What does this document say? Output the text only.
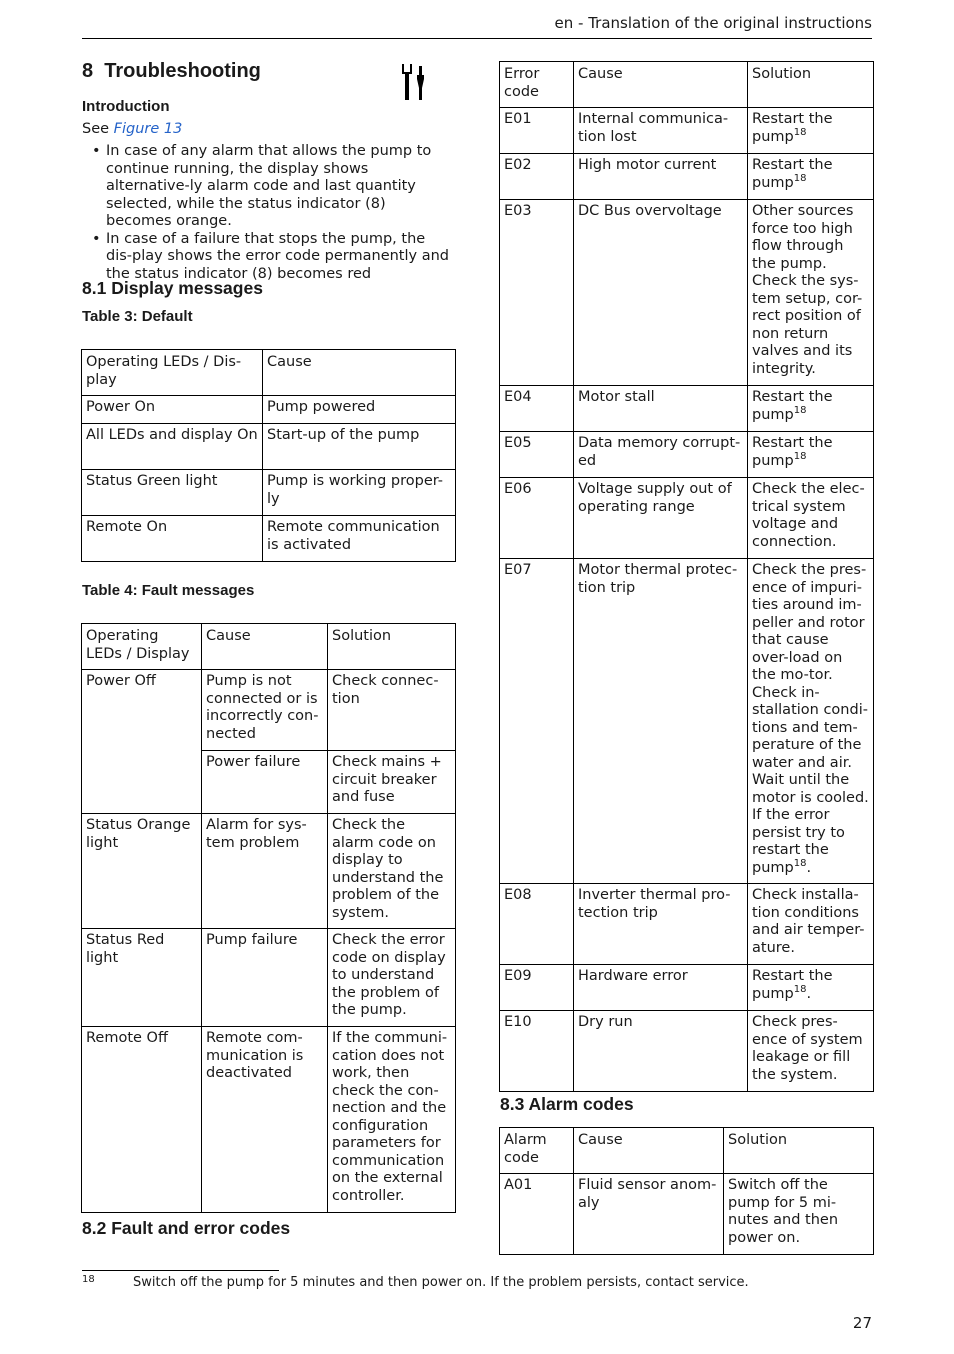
en - Translation of the original instructions
8 Troubleshooting
Introduction
See Figure 13
• In case of any alarm that allows the pump to continue running, the display shows alternative-ly alarm code and last quantity selected, while the status indicator (8) becomes orange.
• In case of a failure that stops the pump, the dis-play shows the error code permanently and the status indicator (8) becomes red
8.1 Display messages
Table 3: Default
Operating LEDs / Dis-play	Cause
Power On	Pump powered
All LEDs and display On	Start-up of the pump
Status Green light	Pump is working proper-ly
Remote On	Remote communication is activated
Table 4: Fault messages
Operating LEDs / Display	Cause	Solution
Power Off	Pump is not connected or is incorrectly con-nected	Check connec-tion
	Power failure	Check mains + circuit breaker and fuse
Status Orange light	Alarm for sys-tem problem	Check the alarm code on display to understand the problem of the system.
Status Red light	Pump failure	Check the error code on display to understand the problem of the pump.
Remote Off	Remote com-munication is deactivated	If the communi-cation does not work, then check the con-nection and the configuration parameters for communication on the external controller.
8.2 Fault and error codes
Error code	Cause	Solution
E01	Internal communica-tion lost	Restart the pump$^{18}$
E02	High motor current	Restart the pump$^{18}$
E03	DC Bus overvoltage	Other sources force too high flow through the pump. Check the sys-tem setup, cor-rect position of non return valves and its integrity.
E04	Motor stall	Restart the pump$^{18}$
E05	Data memory corrupt-ed	Restart the pump$^{18}$
E06	Voltage supply out of operating range	Check the elec-trical system voltage and connection.
E07	Motor thermal protec-tion trip	Check the pres-ence of impuri-ties around im-peller and rotor that cause over-load on the mo-tor. Check in-stallation condi-tions and tem-perature of the water and air. Wait until the motor is cooled. If the error persist try to restart the pump$^{18}$.
E08	Inverter thermal pro-tection trip	Check installa-tion conditions and air temper-ature.
E09	Hardware error	Restart the pump$^{18}$.
E10	Dry run	Check pres-ence of system leakage or fill the system.
8.3 Alarm codes
Alarm code	Cause	Solution
A01	Fluid sensor anom-aly	Switch off the pump for 5 mi-nutes and then power on.
18	Switch off the pump for 5 minutes and then power on. If the problem persists, contact service.
27
